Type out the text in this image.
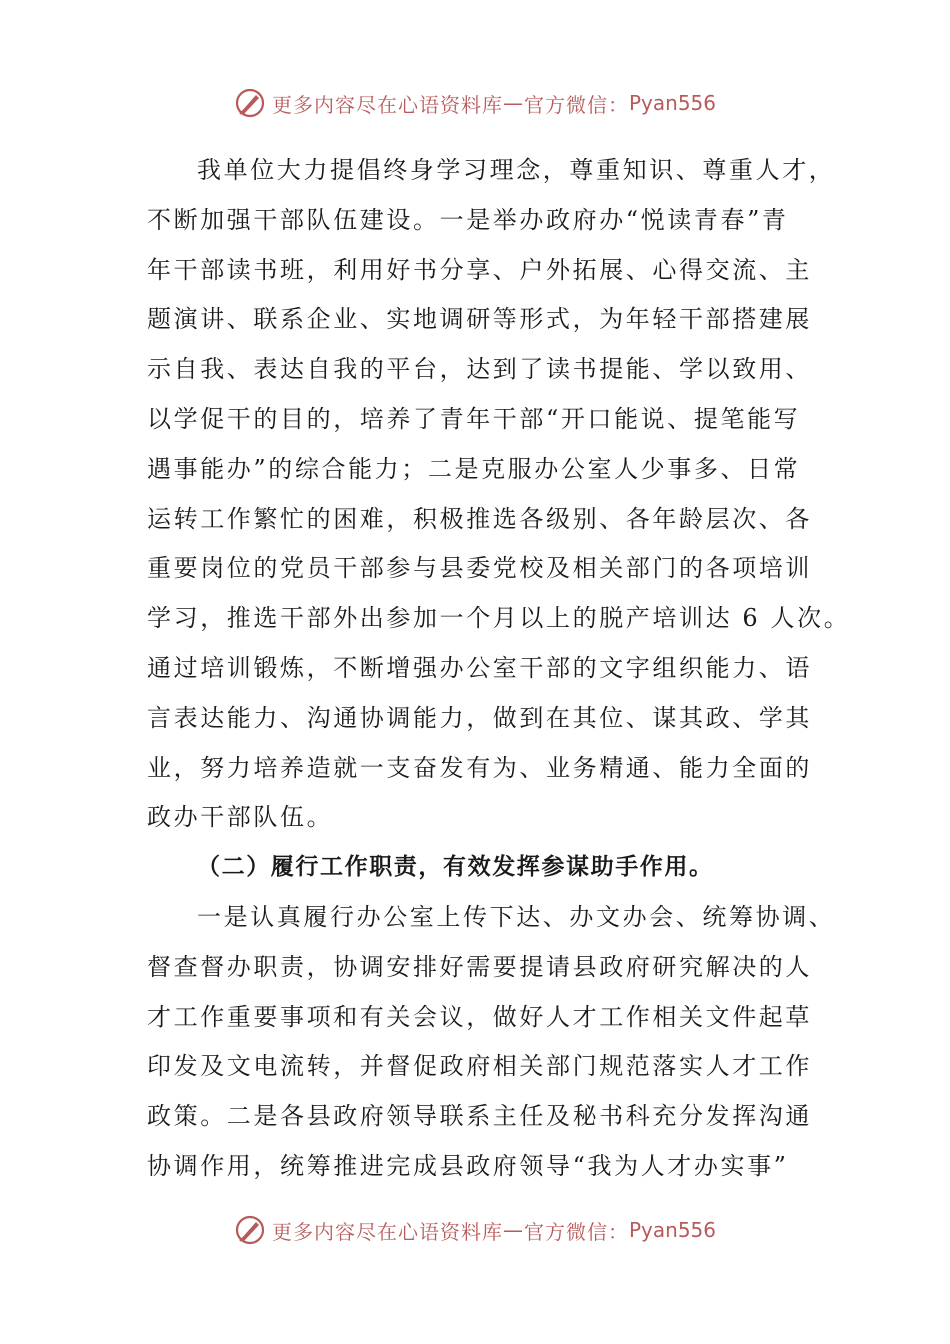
更多内容尽在心语资料库 — 官方微信： Pyan556
我单位大力提倡终身学习理念，尊重知识、尊重人才，
不断加强干部队伍建设。一是举办政府办“悦读青春”青
年干部读书班，利用好书分享、户外拓展、心得交流、主
题演讲、联系企业、实地调研等形式，为年轻干部搭建展
示自我、表达自我的平台，达到了读书提能、学以致用、
以学促干的目的，培养了青年干部“开口能说、提笔能写
遇事能办”的综合能力；二是克服办公室人少事多、日常
运转工作繁忙的困难，积极推选各级别、各年龄层次、各
重要岗位的党员干部参与县委党校及相关部门的各项培训
学习，推选干部外出参加一个月以上的脱产培训达 6 人次。
通过培训锻炼，不断增强办公室干部的文字组织能力、语
言表达能力、沟通协调能力，做到在其位、谋其政、学其
业，努力培养造就一支奋发有为、业务精通、能力全面的
政办干部队伍。
（二）履行工作职责，有效发挥参谋助手作用。
一是认真履行办公室上传下达、办文办会、统筹协调、
督查督办职责，协调安排好需要提请县政府研究解决的人
才工作重要事项和有关会议，做好人才工作相关文件起草
印发及文电流转，并督促政府相关部门规范落实人才工作
政策。二是各县政府领导联系主任及秘书科充分发挥沟通
协调作用，统筹推进完成县政府领导“我为人才办实事”
更多内容尽在心语资料库 — 官方微信： Pyan556
